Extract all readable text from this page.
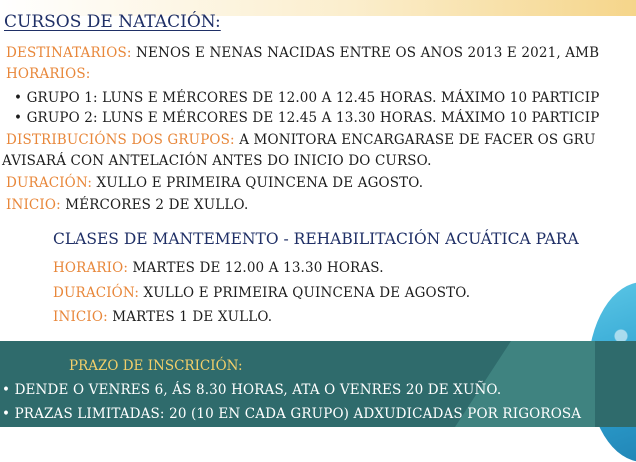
CURSOS DE NATACIÓN:
DESTINATARIOS: NENOS E NENAS NACIDAS ENTRE OS ANOS 2013 E 2021, AMB
HORARIOS:
• GRUPO 1: LUNS E MÉRCORES DE 12.00 A 12.45 HORAS. MÁXIMO 10 PARTICIP
• GRUPO 2: LUNS E MÉRCORES DE 12.45 A 13.30 HORAS. MÁXIMO 10 PARTICIP
DISTRIBUCIÓNS DOS GRUPOS: A MONITORA ENCARGARASE DE FACER OS GRU
AVISARÁ CON ANTELACIÓN ANTES DO INICIO DO CURSO.
DURACIÓN: XULLO E PRIMEIRA QUINCENA DE AGOSTO.
INICIO: MÉRCORES 2 DE XULLO.
CLASES DE MANTEMENTO - REHABILITACIÓN ACUÁTICA PARA
HORARIO: MARTES DE 12.00 A 13.30 HORAS.
DURACIÓN: XULLO E PRIMEIRA QUINCENA DE AGOSTO.
INICIO: MARTES 1 DE XULLO.
PRAZO DE INSCRICIÓN:
• DENDE O VENRES 6, ÁS 8.30 HORAS, ATA O VENRES 20 DE XUÑO.
• PRAZAS LIMITADAS: 20 (10 EN CADA GRUPO) ADXUDICADAS POR RIGOROSA
